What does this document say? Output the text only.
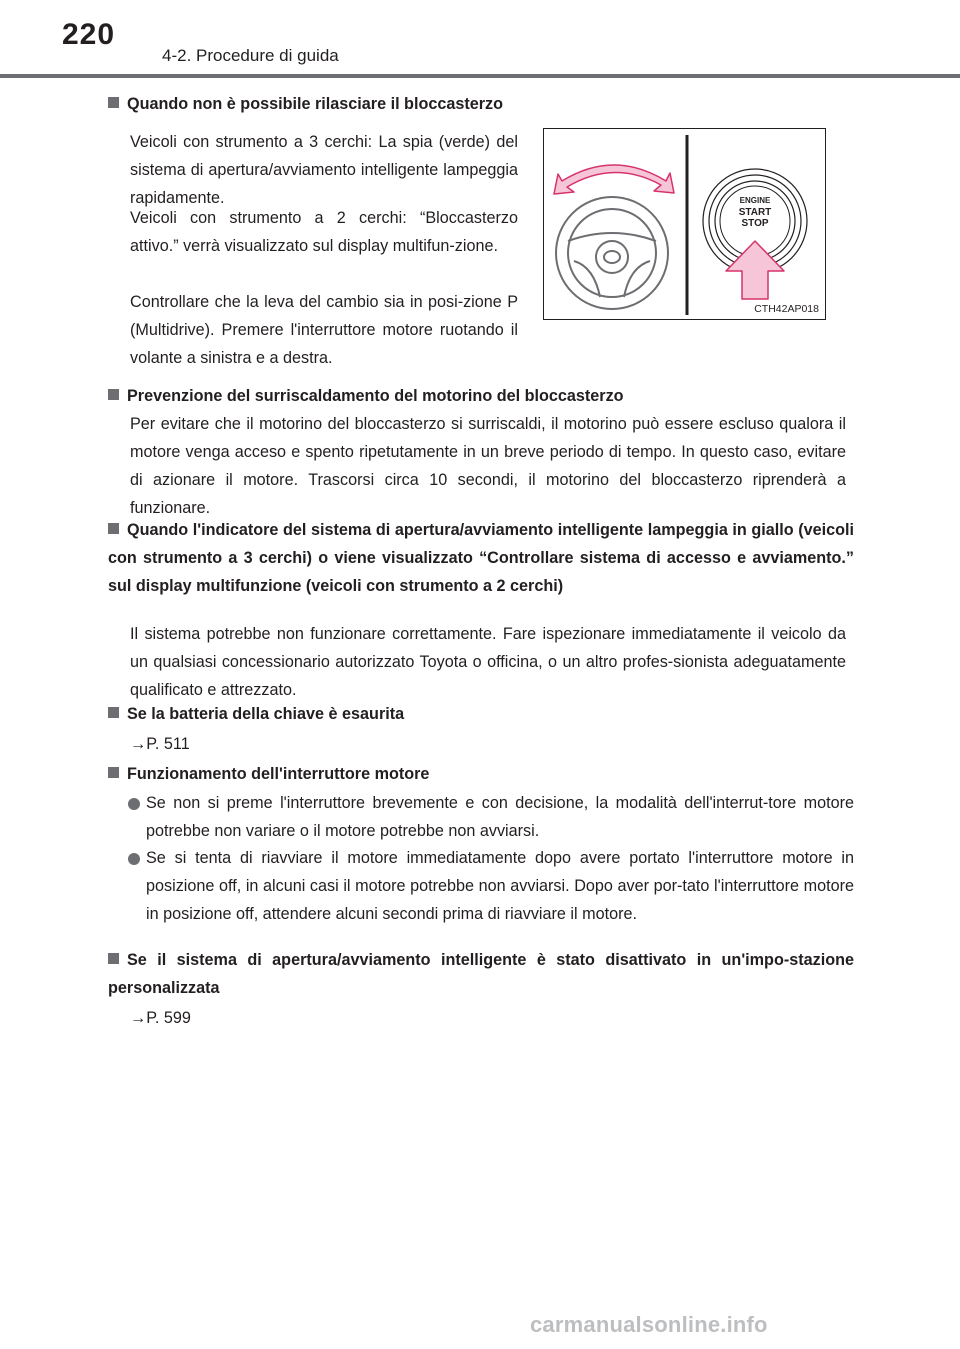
220
4-2. Procedure di guida
Quando non è possibile rilasciare il bloccasterzo
Veicoli con strumento a 3 cerchi: La spia (verde) del sistema di apertura/avviamento intelligente lampeggia rapidamente.
Veicoli con strumento a 2 cerchi: “Bloccasterzo attivo.” verrà visualizzato sul display multifun-zione.
Controllare che la leva del cambio sia in posi-zione P (Multidrive). Premere l'interruttore motore ruotando il volante a sinistra e a destra.
ENGINE
START
STOP
CTH42AP018
Prevenzione del surriscaldamento del motorino del bloccasterzo
Per evitare che il motorino del bloccasterzo si surriscaldi, il motorino può essere escluso qualora il motore venga acceso e spento ripetutamente in un breve periodo di tempo. In questo caso, evitare di azionare il motore. Trascorsi circa 10 secondi, il motorino del bloccasterzo riprenderà a funzionare.
Quando l'indicatore del sistema di apertura/avviamento intelligente lampeggia in giallo (veicoli con strumento a 3 cerchi) o viene visualizzato “Controllare sistema di accesso e avviamento.” sul display multifunzione (veicoli con strumento a 2 cerchi)
Il sistema potrebbe non funzionare correttamente. Fare ispezionare immediatamente il veicolo da un qualsiasi concessionario autorizzato Toyota o officina, o un altro profes-sionista adeguatamente qualificato e attrezzato.
Se la batteria della chiave è esaurita
→P. 511
Funzionamento dell'interruttore motore
Se non si preme l'interruttore brevemente e con decisione, la modalità dell'interrut-tore motore potrebbe non variare o il motore potrebbe non avviarsi.
Se si tenta di riavviare il motore immediatamente dopo avere portato l'interruttore motore in posizione off, in alcuni casi il motore potrebbe non avviarsi. Dopo aver por-tato l'interruttore motore in posizione off, attendere alcuni secondi prima di riavviare il motore.
Se il sistema di apertura/avviamento intelligente è stato disattivato in un'impo-stazione personalizzata
→P. 599
carmanualsonline.info
